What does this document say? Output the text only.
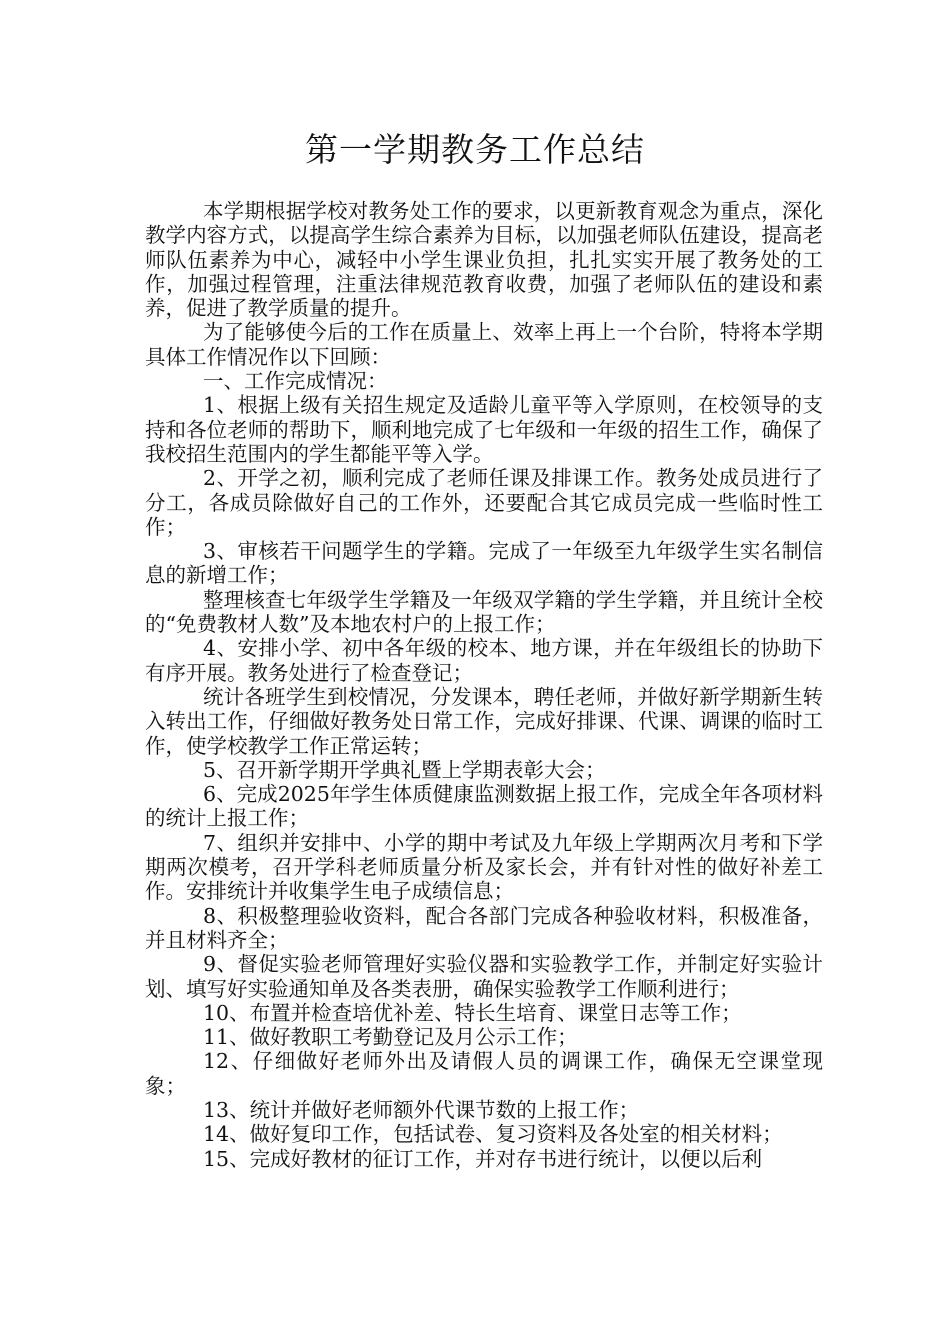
第一学期教务工作总结

本学期根据学校对教务处工作的要求，以更新教育观念为重点，深化教学内容方式，以提高学生综合素养为目标，以加强老师队伍建设，提高老师队伍素养为中心，减轻中小学生课业负担，扎扎实实开展了教务处的工作，加强过程管理，注重法律规范教育收费，加强了老师队伍的建设和素养，促进了教学质量的提升。

为了能够使今后的工作在质量上、效率上再上一个台阶，特将本学期具体工作情况作以下回顾：

一、工作完成情况：

1、根据上级有关招生规定及适龄儿童平等入学原则，在校领导的支持和各位老师的帮助下，顺利地完成了七年级和一年级的招生工作，确保了我校招生范围内的学生都能平等入学。

2、开学之初，顺利完成了老师任课及排课工作。教务处成员进行了分工，各成员除做好自己的工作外，还要配合其它成员完成一些临时性工作；

3、审核若干问题学生的学籍。完成了一年级至九年级学生实名制信息的新增工作；

整理核查七年级学生学籍及一年级双学籍的学生学籍，并且统计全校的“免费教材人数”及本地农村户的上报工作；

4、安排小学、初中各年级的校本、地方课，并在年级组长的协助下有序开展。教务处进行了检查登记；

统计各班学生到校情况，分发课本，聘任老师，并做好新学期新生转入转出工作，仔细做好教务处日常工作，完成好排课、代课、调课的临时工作，使学校教学工作正常运转；

5、召开新学期开学典礼暨上学期表彰大会；

6、完成2025年学生体质健康监测数据上报工作，完成全年各项材料的统计上报工作；

7、组织并安排中、小学的期中考试及九年级上学期两次月考和下学期两次模考，召开学科老师质量分析及家长会，并有针对性的做好补差工作。安排统计并收集学生电子成绩信息；

8、积极整理验收资料，配合各部门完成各种验收材料，积极准备，并且材料齐全；

9、督促实验老师管理好实验仪器和实验教学工作，并制定好实验计划、填写好实验通知单及各类表册，确保实验教学工作顺利进行；

10、布置并检查培优补差、特长生培育、课堂日志等工作；

11、做好教职工考勤登记及月公示工作；

12、仔细做好老师外出及请假人员的调课工作，确保无空课堂现象；

13、统计并做好老师额外代课节数的上报工作；

14、做好复印工作，包括试卷、复习资料及各处室的相关材料；

15、完成好教材的征订工作，并对存书进行统计，以便以后利
